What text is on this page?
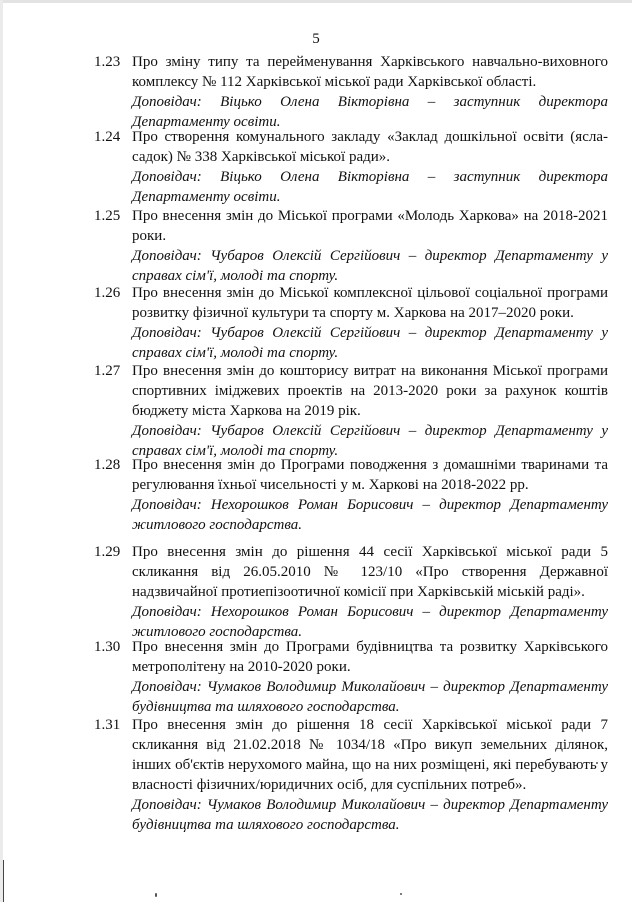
5
1.23 Про зміну типу та перейменування Харківського навчально-виховного комплексу № 112 Харківської міської ради Харківської області.

Доповідач: Віцько Олена Вікторівна – заступник директора Департаменту освіти.

1.24 Про створення комунального закладу «Заклад дошкільної освіти (ясла-садок) № 338 Харківської міської ради».

Доповідач: Віцько Олена Вікторівна – заступник директора Департаменту освіти.

1.25 Про внесення змін до Міської програми «Молодь Харкова» на 2018-2021 роки.

Доповідач: Чубаров Олексій Сергійович – директор Департаменту у справах сім'ї, молоді та спорту.

1.26 Про внесення змін до Міської комплексної цільової соціальної програми розвитку фізичної культури та спорту м. Харкова на 2017–2020 роки.

Доповідач: Чубаров Олексій Сергійович – директор Департаменту у справах сім'ї, молоді та спорту.

1.27 Про внесення змін до кошторису витрат на виконання Міської програми спортивних іміджевих проектів на 2013-2020 роки за рахунок коштів бюджету міста Харкова на 2019 рік.

Доповідач: Чубаров Олексій Сергійович – директор Департаменту у справах сім'ї, молоді та спорту.

1.28 Про внесення змін до Програми поводження з домашніми тваринами та регулювання їхньої чисельності у м. Харкові на 2018-2022 рр.

Доповідач: Нехорошков Роман Борисович – директор Департаменту житлового господарства.

1.29 Про внесення змін до рішення 44 сесії Харківської міської ради 5 скликання від 26.05.2010 № 123/10 «Про створення Державної надзвичайної протиепізоотичної комісії при Харківській міській раді».

Доповідач: Нехорошков Роман Борисович – директор Департаменту житлового господарства.

1.30 Про внесення змін до Програми будівництва та розвитку Харківського метрополітену на 2010-2020 роки.

Доповідач: Чумаков Володимир Миколайович – директор Департаменту будівництва та шляхового господарства.

1.31 Про внесення змін до рішення 18 сесії Харківської міської ради 7 скликання від 21.02.2018 № 1034/18 «Про викуп земельних ділянок, інших об'єктів нерухомого майна, що на них розміщені, які перебувають у власності фізичних/юридичних осіб, для суспільних потреб».

Доповідач: Чумаков Володимир Миколайович – директор Департаменту будівництва та шляхового господарства.
